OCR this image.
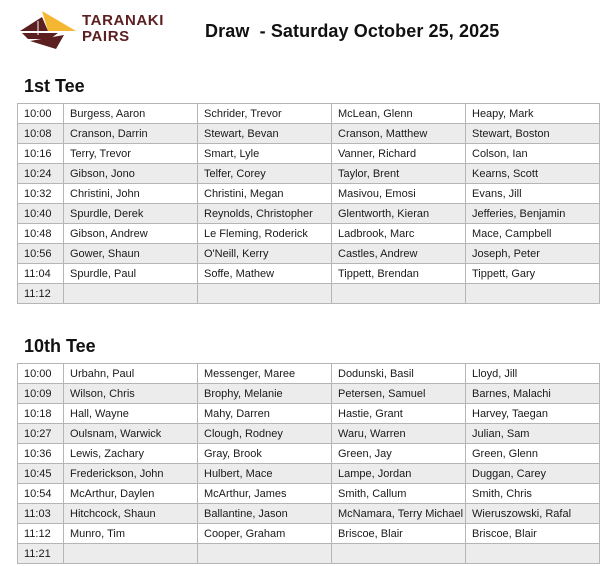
TARANAKI
PAIRS	Draw  - Saturday October 25, 2025
1st Tee
10:00	Burgess, Aaron	Schrider, Trevor	McLean, Glenn	Heapy, Mark
10:08	Cranson, Darrin	Stewart, Bevan	Cranson, Matthew	Stewart, Boston
10:16	Terry, Trevor	Smart, Lyle	Vanner, Richard	Colson, Ian
10:24	Gibson, Jono	Telfer, Corey	Taylor, Brent	Kearns, Scott
10:32	Christini, John	Christini, Megan	Masivou, Emosi	Evans, Jill
10:40	Spurdle, Derek	Reynolds, Christopher	Glentworth, Kieran	Jefferies, Benjamin
10:48	Gibson, Andrew	Le Fleming, Roderick	Ladbrook, Marc	Mace, Campbell
10:56	Gower, Shaun	O'Neill, Kerry	Castles, Andrew	Joseph, Peter
11:04	Spurdle, Paul	Soffe, Mathew	Tippett, Brendan	Tippett, Gary
11:12				
10th Tee
10:00	Urbahn, Paul	Messenger, Maree	Dodunski, Basil	Lloyd, Jill
10:09	Wilson, Chris	Brophy, Melanie	Petersen, Samuel	Barnes, Malachi
10:18	Hall, Wayne	Mahy, Darren	Hastie, Grant	Harvey, Taegan
10:27	Oulsnam, Warwick	Clough, Rodney	Waru, Warren	Julian, Sam
10:36	Lewis, Zachary	Gray, Brook	Green, Jay	Green, Glenn
10:45	Frederickson, John	Hulbert, Mace	Lampe, Jordan	Duggan, Carey
10:54	McArthur, Daylen	McArthur, James	Smith, Callum	Smith, Chris
11:03	Hitchcock, Shaun	Ballantine, Jason	McNamara, Terry Michael	Wieruszowski, Rafal
11:12	Munro, Tim	Cooper, Graham	Briscoe, Blair	Briscoe, Blair
11:21				
